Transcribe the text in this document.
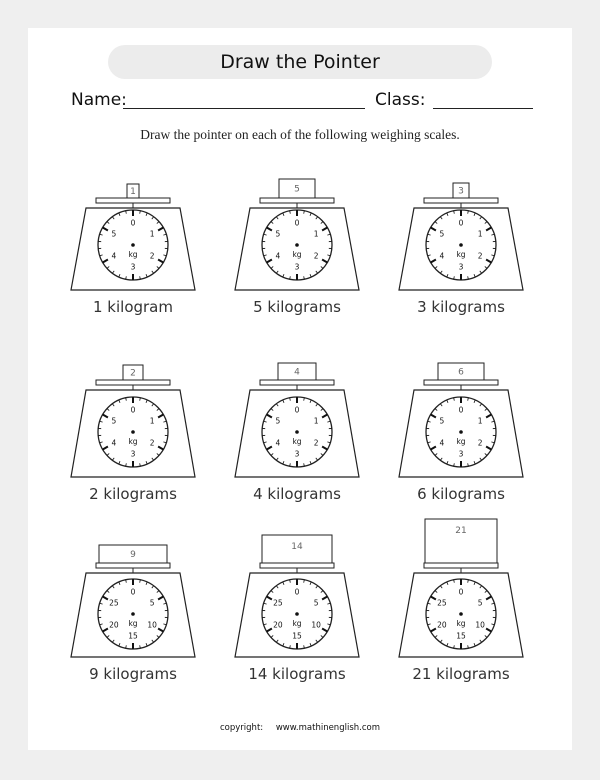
Draw the Pointer
Name:	Class:
Draw the pointer on each of the following weighing scales.
1
0
1
2
3
4
5
kg
1 kilogram
5
0
1
2
3
4
5
kg
5 kilograms
3
0
1
2
3
4
5
kg
3 kilograms
2
0
1
2
3
4
5
kg
2 kilograms
4
0
1
2
3
4
5
kg
4 kilograms
6
0
1
2
3
4
5
kg
6 kilograms
9
0
5
10
15
20
25
kg
9 kilograms
14
0
5
10
15
20
25
kg
14 kilograms
21
0
5
10
15
20
25
kg
21 kilograms
copyright: www.mathinenglish.com
